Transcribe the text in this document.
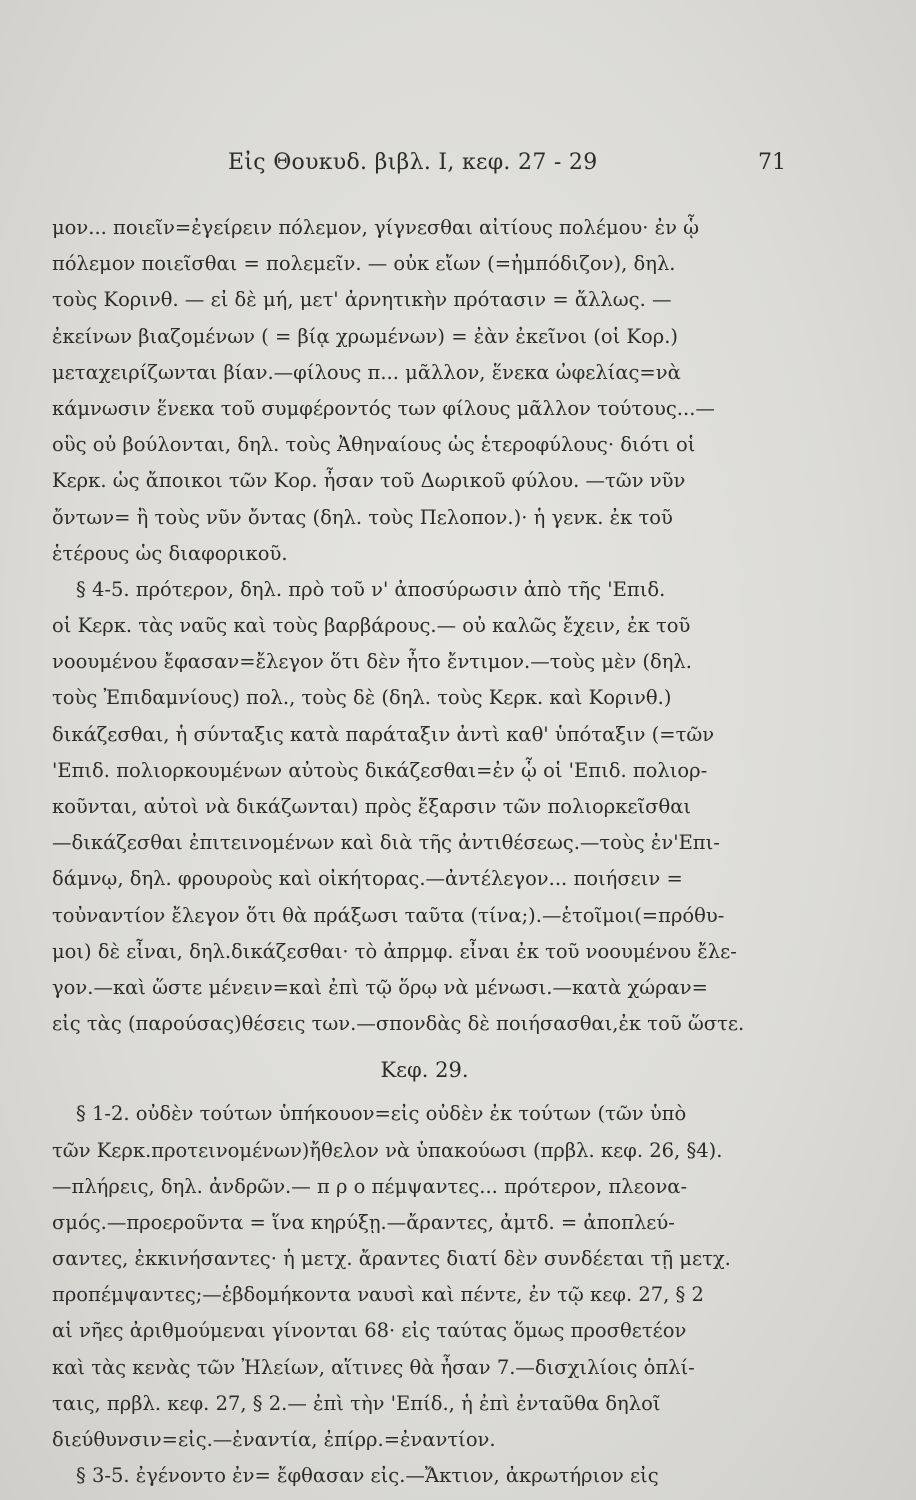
Εἰς Θουκυδ. βιβλ. I, κεφ. 27 - 29	71
μον... ποιεῖν=ἐγείρειν πόλεμον, γίγνεσθαι αἰτίους πολέμου· ἐν ᾧ
πόλεμον ποιεῖσθαι = πολεμεῖν. — οὐκ εἴων (=ἠμπόδιζον), δηλ.
τοὺς Κορινθ. — εἰ δὲ μή, μετ' ἀρνητικὴν πρότασιν = ἄλλως. —
ἐκείνων βιαζομένων ( = βίᾳ χρωμένων) = ἐὰν ἐκεῖνοι (οἱ Κορ.)
μεταχειρίζωνται βίαν.—φίλους π... μᾶλλον, ἕνεκα ὠφελίας=νὰ
κάμνωσιν ἕνεκα τοῦ συμφέροντός των φίλους μᾶλλον τούτους...—
οὓς οὐ βούλονται, δηλ. τοὺς Ἀθηναίους ὡς ἑτεροφύλους· διότι οἱ
Κερκ. ὡς ἄποικοι τῶν Κορ. ἦσαν τοῦ Δωρικοῦ φύλου. —τῶν νῦν
ὄντων= ἢ τοὺς νῦν ὄντας (δηλ. τοὺς Πελοπον.)· ἡ γενκ. ἐκ τοῦ
ἑτέρους ὡς διαφορικοῦ.
§ 4-5. πρότερον, δηλ. πρὸ τοῦ ν' ἀποσύρωσιν ἀπὸ τῆς 'Επιδ.
οἱ Κερκ. τὰς ναῦς καὶ τοὺς βαρβάρους.— οὐ καλῶς ἔχειν, ἐκ τοῦ
νοουμένου ἔφασαν=ἔλεγον ὅτι δὲν ἦτο ἔντιμον.—τοὺς μὲν (δηλ.
τοὺς Ἐπιδαμνίους) πολ., τοὺς δὲ (δηλ. τοὺς Κερκ. καὶ Κορινθ.)
δικάζεσθαι, ἡ σύνταξις κατὰ παράταξιν ἀντὶ καθ' ὑπόταξιν (=τῶν
'Επιδ. πολιορκουμένων αὐτοὺς δικάζεσθαι=ἐν ᾧ οἱ 'Επιδ. πολιορ-
κοῦνται, αὐτοὶ νὰ δικάζωνται) πρὸς ἔξαρσιν τῶν πολιορκεῖσθαι
—δικάζεσθαι ἐπιτεινομένων καὶ διὰ τῆς ἀντιθέσεως.—τοὺς ἐν'Επι-
δάμνῳ, δηλ. φρουροὺς καὶ οἰκήτορας.—ἀντέλεγον... ποιήσειν =
τοὐναντίον ἔλεγον ὅτι θὰ πράξωσι ταῦτα (τίνα;).—ἑτοῖμοι(=πρόθυ-
μοι) δὲ εἶναι, δηλ.δικάζεσθαι· τὸ ἀπρμφ. εἶναι ἐκ τοῦ νοουμένου ἔλε-
γον.—καὶ ὥστε μένειν=καὶ ἐπὶ τῷ ὅρῳ νὰ μένωσι.—κατὰ χώραν=
εἰς τὰς (παρούσας)θέσεις των.—σπονδὰς δὲ ποιήσασθαι,ἐκ τοῦ ὥστε.
Κεφ. 29.
§ 1-2. οὐδὲν τούτων ὑπήκουον=εἰς οὐδὲν ἐκ τούτων (τῶν ὑπὸ
τῶν Κερκ.προτεινομένων)ἤθελον νὰ ὑπακούωσι (πρβλ. κεφ. 26, §4).
—πλήρεις, δηλ. ἀνδρῶν.— π ρ ο πέμψαντες... πρότερον, πλεονα-
σμός.—προεροῦντα = ἵνα κηρύξῃ.—ἄραντες, ἀμτδ. = ἀποπλεύ-
σαντες, ἐκκινήσαντες· ἡ μετχ. ἄραντες διατί δὲν συνδέεται τῇ μετχ.
προπέμψαντες;—ἑβδομήκοντα ναυσὶ καὶ πέντε, ἐν τῷ κεφ. 27, § 2
αἱ νῆες ἀριθμούμεναι γίνονται 68· εἰς ταύτας ὅμως προσθετέον
καὶ τὰς κενὰς τῶν Ἠλείων, αἵτινες θὰ ἦσαν 7.—δισχιλίοις ὁπλί-
ταις, πρβλ. κεφ. 27, § 2.— ἐπὶ τὴν 'Επίδ., ἡ ἐπὶ ἐνταῦθα δηλοῖ
διεύθυνσιν=εἰς.—ἐναντία, ἐπίρρ.=ἐναντίον.
§ 3-5. ἐγένοντο ἐν= ἔφθασαν εἰς.—Ἄκτιον, ἀκρωτήριον εἰς
